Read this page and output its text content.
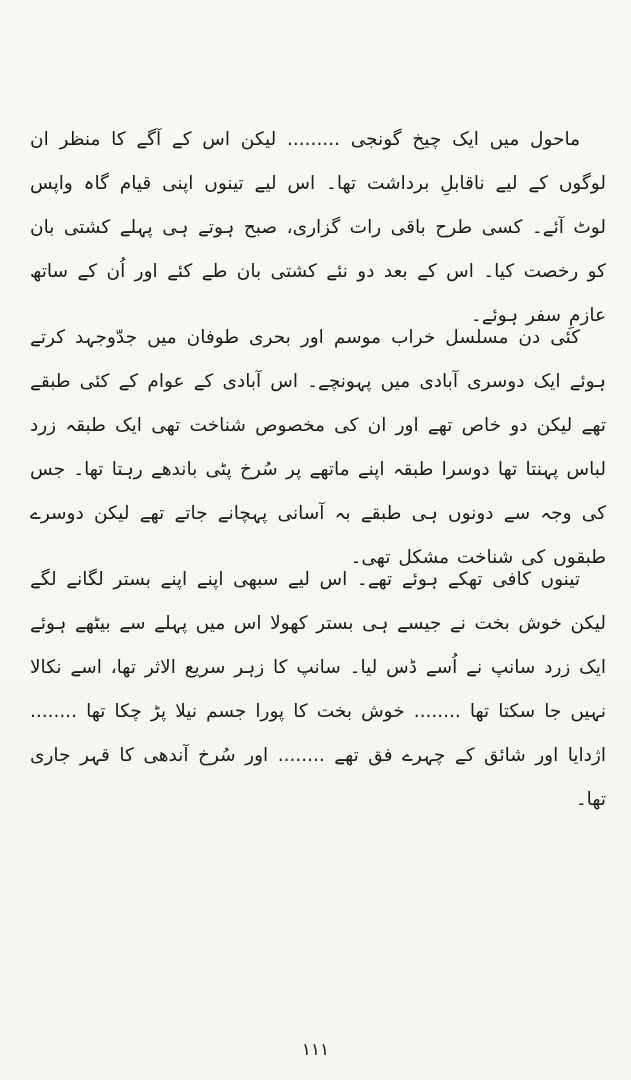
ماحول میں ایک چیخ گونجی ......... لیکن اس کے آگے کا منظر ان لوگوں کے لیے ناقابلِ برداشت تھا۔ اس لیے تینوں اپنی قیام گاہ واپس لوٹ آئے۔ کسی طرح باقی رات گزاری، صبح ہوتے ہی پہلے کشتی بان کو رخصت کیا۔ اس کے بعد دو نئے کشتی بان طے کئے اور اُن کے ساتھ عازمِ سفر ہوئے۔

کئی دن مسلسل خراب موسم اور بحری طوفان میں جدّوجہد کرتے ہوئے ایک دوسری آبادی میں پہونچے۔ اس آبادی کے عوام کے کئی طبقے تھے لیکن دو خاص تھے اور ان کی مخصوص شناخت تھی ایک طبقہ زرد لباس پہنتا تھا دوسرا طبقہ اپنے ماتھے پر سُرخ پٹی باندھے رہتا تھا۔ جس کی وجہ سے دونوں ہی طبقے بہ آسانی پہچانے جاتے تھے لیکن دوسرے طبقوں کی شناخت مشکل تھی۔

تینوں کافی تھکے ہوئے تھے۔ اس لیے سبھی اپنے اپنے بستر لگانے لگے لیکن خوش بخت نے جیسے ہی بستر کھولا اس میں پہلے سے بیٹھے ہوئے ایک زرد سانپ نے اُسے ڈس لیا۔ سانپ کا زہر سریع الاثر تھا، اسے نکالا نہیں جا سکتا تھا ........ خوش بخت کا پورا جسم نیلا پڑ چکا تھا ........ اژدایا اور شائق کے چہرے فق تھے ........ اور سُرخ آندھی کا قہر جاری تھا۔

۱۱۱
